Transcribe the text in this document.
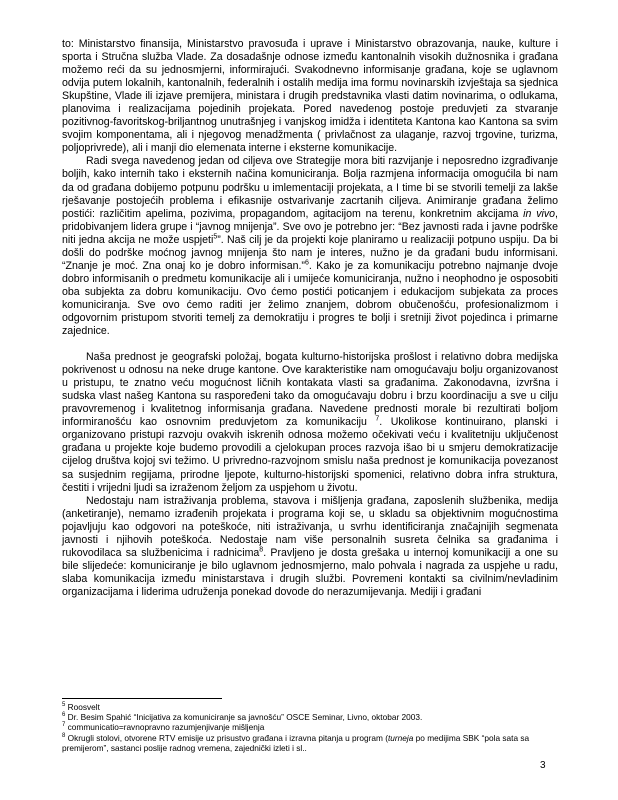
to: Ministarstvo finansija, Ministarstvo pravosuđa i uprave i Ministarstvo obrazovanja, nauke, kulture i sporta i Stručna služba Vlade. Za dosadašnje odnose između kantonalnih visokih dužnosnika i građana možemo reći da su jednosmjerni, informirajući. Svakodnevno informisanje građana, koje se uglavnom odvija putem lokalnih, kantonalnih, federalnih i ostalih medija ima formu novinarskih izvještaja sa sjednica Skupštine, Vlade ili izjave premijera, ministara i drugih predstavnika vlasti datim novinarima, o odlukama, planovima i realizacijama pojedinih projekata. Pored navedenog postoje preduvjeti za stvaranje pozitivnog-favoritskog-briljantnog unutrašnjeg i vanjskog imidža i identiteta Kantona kao Kantona sa svim svojim komponentama, ali i njegovog menadžmenta ( privlačnost za ulaganje, razvoj trgovine, turizma, poljoprivrede), ali i manji dio elemenata interne i eksterne komunikacije.

Radi svega navedenog jedan od ciljeva ove Strategije mora biti razvijanje i neposredno izgrađivanje boljih, kako internih tako i eksternih načina komuniciranja. Bolja razmjena informacija omogućila bi nam da od građana dobijemo potpunu podršku u imlementaciji projekata, a I time bi se stvorili temelji za lakše rješavanje postojećih problema i efikasnije ostvarivanje zacrtanih ciljeva. Animiranje građana želimo postići: različitim apelima, pozivima, propagandom, agitacijom na terenu, konkretnim akcijama in vivo, pridobivanjem lidera grupe i “javnog mnijenja”. Sve ovo je potrebno jer: “Bez javnosti rada i javne podrške niti jedna akcija ne može uspjeti$^5$”. Naš cilj je da projekti koje planiramo u realizaciji potpuno uspiju. Da bi došli do podrške moćnog javnog mnijenja što nam je interes, nužno je da građani budu informisani. “Znanje je moć. Zna onaj ko je dobro informisan.”$^6$. Kako je za komunikaciju potrebno najmanje dvoje dobro informisanih o predmetu komunikacije ali i umijeće komuniciranja, nužno i neophodno je osposobiti oba subjekta za dobru komunikaciju. Ovo ćemo postići poticanjem i edukacijom subjekata za proces komuniciranja. Sve ovo ćemo raditi jer želimo znanjem, dobrom obučenošću, profesionalizmom i odgovornim pristupom stvoriti temelj za demokratiju i progres te bolji i sretniji život pojedinca i primarne zajednice.

Naša prednost je geografski položaj, bogata kulturno-historijska prošlost i relativno dobra medijska pokrivenost u odnosu na neke druge kantone. Ove karakteristike nam omogućavaju bolju organizovanost u pristupu, te znatno veću mogućnost ličnih kontakata vlasti sa građanima. Zakonodavna, izvršna i sudska vlast našeg Kantona su raspoređeni tako da omogućavaju dobru i brzu koordinaciju a sve u cilju pravovremenog i kvalitetnog informisanja građana. Navedene prednosti morale bi rezultirati boljom informiranošću kao osnovnim preduvjetom za komunikaciju $^7$. Ukolikose kontinuirano, planski i organizovano pristupi razvoju ovakvih iskrenih odnosa možemo očekivati veću i kvalitetniju uključenost građana u projekte koje budemo provodili a cjelokupan proces razvoja išao bi u smjeru demokratizacije cijelog društva kojoj svi težimo. U privredno-razvojnom smislu naša prednost je komunikacija povezanost sa susjednim regijama, prirodne ljepote, kulturno-historijski spomenici, relativno dobra infra struktura, čestiti i vrijedni ljudi sa izraženom željom za uspjehom u životu.

Nedostaju nam istraživanja problema, stavova i mišljenja građana, zaposlenih službenika, medija (anketiranje), nemamo izrađenih projekata i programa koji se, u skladu sa objektivnim mogućnostima pojavljuju kao odgovori na poteškoće, niti istraživanja, u svrhu identificiranja značajnijih segmenata javnosti i njihovih poteškoća. Nedostaje nam više personalnih susreta čelnika sa građanima i rukovodilaca sa službenicima i radnicima$^8$. Pravljeno je dosta grešaka u internoj komunikaciji a one su bile slijedeće: komuniciranje je bilo uglavnom jednosmjerno, malo pohvala i nagrada za uspjehe u radu, slaba komunikacija između ministarstava i drugih službi. Povremeni kontakti sa civilnim/nevladinim organizacijama i liderima udruženja ponekad dovode do nerazumijevanja. Mediji i građani

$^5$ Roosvelt

$^6$ Dr. Besim Spahić “Inicijativa za komuniciranje sa javnošću” OSCE Seminar, Livno, oktobar 2003.

$^7$ communicatio=ravnopravno razumjenjivanje mišljenja

$^8$ Okrugli stolovi, otvorene RTV emisije uz prisustvo građana i izravna pitanja u program (turneja po medijima SBK “pola sata sa premijerom”, sastanci poslije radnog vremena, zajednički izleti i sl..

3
